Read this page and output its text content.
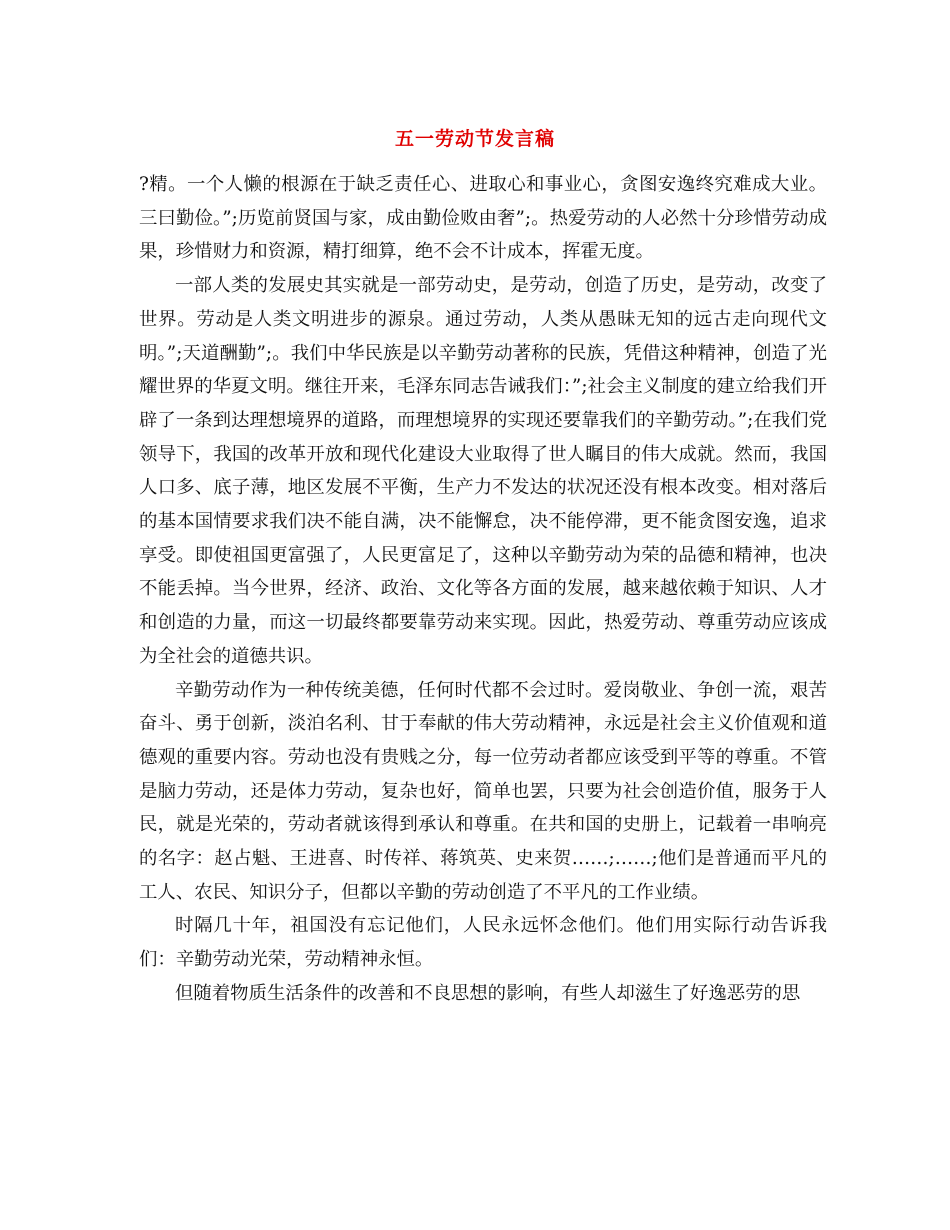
五一劳动节发言稿

?精。一个人懒的根源在于缺乏责任心、进取心和事业心，贪图安逸终究难成大业。三曰勤俭。”;历览前贤国与家，成由勤俭败由奢”;。热爱劳动的人必然十分珍惜劳动成果，珍惜财力和资源，精打细算，绝不会不计成本，挥霍无度。

一部人类的发展史其实就是一部劳动史，是劳动，创造了历史，是劳动，改变了世界。劳动是人类文明进步的源泉。通过劳动，人类从愚昧无知的远古走向现代文明。”;天道酬勤”;。我们中华民族是以辛勤劳动著称的民族，凭借这种精神，创造了光耀世界的华夏文明。继往开来，毛泽东同志告诫我们：”;社会主义制度的建立给我们开辟了一条到达理想境界的道路，而理想境界的实现还要靠我们的辛勤劳动。”;在我们党领导下，我国的改革开放和现代化建设大业取得了世人瞩目的伟大成就。然而，我国人口多、底子薄，地区发展不平衡，生产力不发达的状况还没有根本改变。相对落后的基本国情要求我们决不能自满，决不能懈怠，决不能停滞，更不能贪图安逸，追求享受。即使祖国更富强了，人民更富足了，这种以辛勤劳动为荣的品德和精神，也决不能丢掉。当今世界，经济、政治、文化等各方面的发展，越来越依赖于知识、人才和创造的力量，而这一切最终都要靠劳动来实现。因此，热爱劳动、尊重劳动应该成为全社会的道德共识。

辛勤劳动作为一种传统美德，任何时代都不会过时。爱岗敬业、争创一流，艰苦奋斗、勇于创新，淡泊名利、甘于奉献的伟大劳动精神，永远是社会主义价值观和道德观的重要内容。劳动也没有贵贱之分，每一位劳动者都应该受到平等的尊重。不管是脑力劳动，还是体力劳动，复杂也好，简单也罢，只要为社会创造价值，服务于人民，就是光荣的，劳动者就该得到承认和尊重。在共和国的史册上，记载着一串响亮的名字：赵占魁、王进喜、时传祥、蒋筑英、史来贺……;……;他们是普通而平凡的工人、农民、知识分子，但都以辛勤的劳动创造了不平凡的工作业绩。

时隔几十年，祖国没有忘记他们，人民永远怀念他们。他们用实际行动告诉我们：辛勤劳动光荣，劳动精神永恒。

但随着物质生活条件的改善和不良思想的影响，有些人却滋生了好逸恶劳的思
